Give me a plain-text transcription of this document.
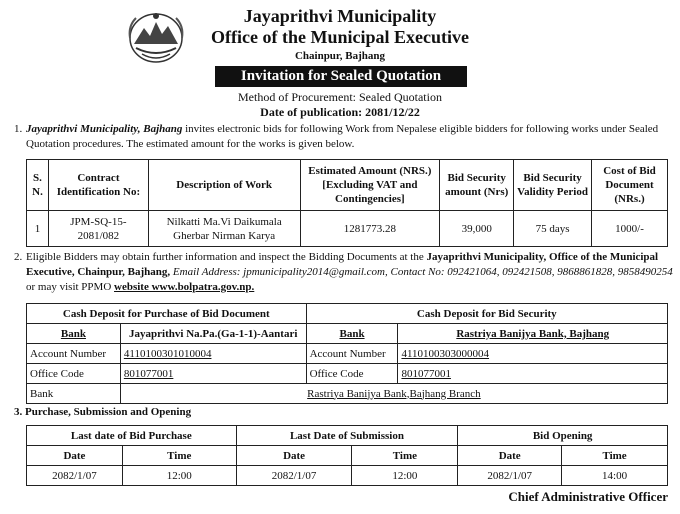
Jayaprithvi Municipality
Office of the Municipal Executive
Chainpur, Bajhang
Invitation for Sealed Quotation
Method of Procurement: Sealed Quotation
Date of publication: 2081/12/22
1. Jayaprithvi Municipality, Bajhang invites electronic bids for following Work from Nepalese eligible bidders for following works under Sealed Quotation procedures. The estimated amount for the works is given below.
S. N.	Contract Identification No:	Description of Work	Estimated Amount (NRS.) [Excluding VAT and Contingencies]	Bid Security amount (Nrs)	Bid Security Validity Period	Cost of Bid Document (NRs.)
1	JPM-SQ-15-2081/082	Nilkatti Ma.Vi Daikumala Gherbar Nirman Karya	1281773.28	39,000	75 days	1000/-
2. Eligible Bidders may obtain further information and inspect the Bidding Documents at the Jayaprithvi Municipality, Office of the Municipal Executive, Chainpur, Bajhang, Email Address: jpmunicipality2014@gmail.com, Contact No: 092421064, 092421508, 9868861828, 9858490254 or may visit PPMO website www.bolpatra.gov.np.
Cash Deposit for Purchase of Bid Document		Cash Deposit for Bid Security	
Bank	Jayaprithvi Na.Pa.(Ga-1-1)-Aantari	Bank	Rastriya Banijya Bank, Bajhang
Account Number	4110100301010004	Account Number	4110100303000004
Office Code	801077001	Office Code	801077001
Bank	Rastriya Banijya Bank,Bajhang Branch		
3. Purchase, Submission and Opening
Last date of Bid Purchase		Last Date of Submission		Bid Opening	
Date	Time	Date	Time	Date	Time
2082/1/07	12:00	2082/1/07	12:00	2082/1/07	14:00
Chief Administrative Officer
